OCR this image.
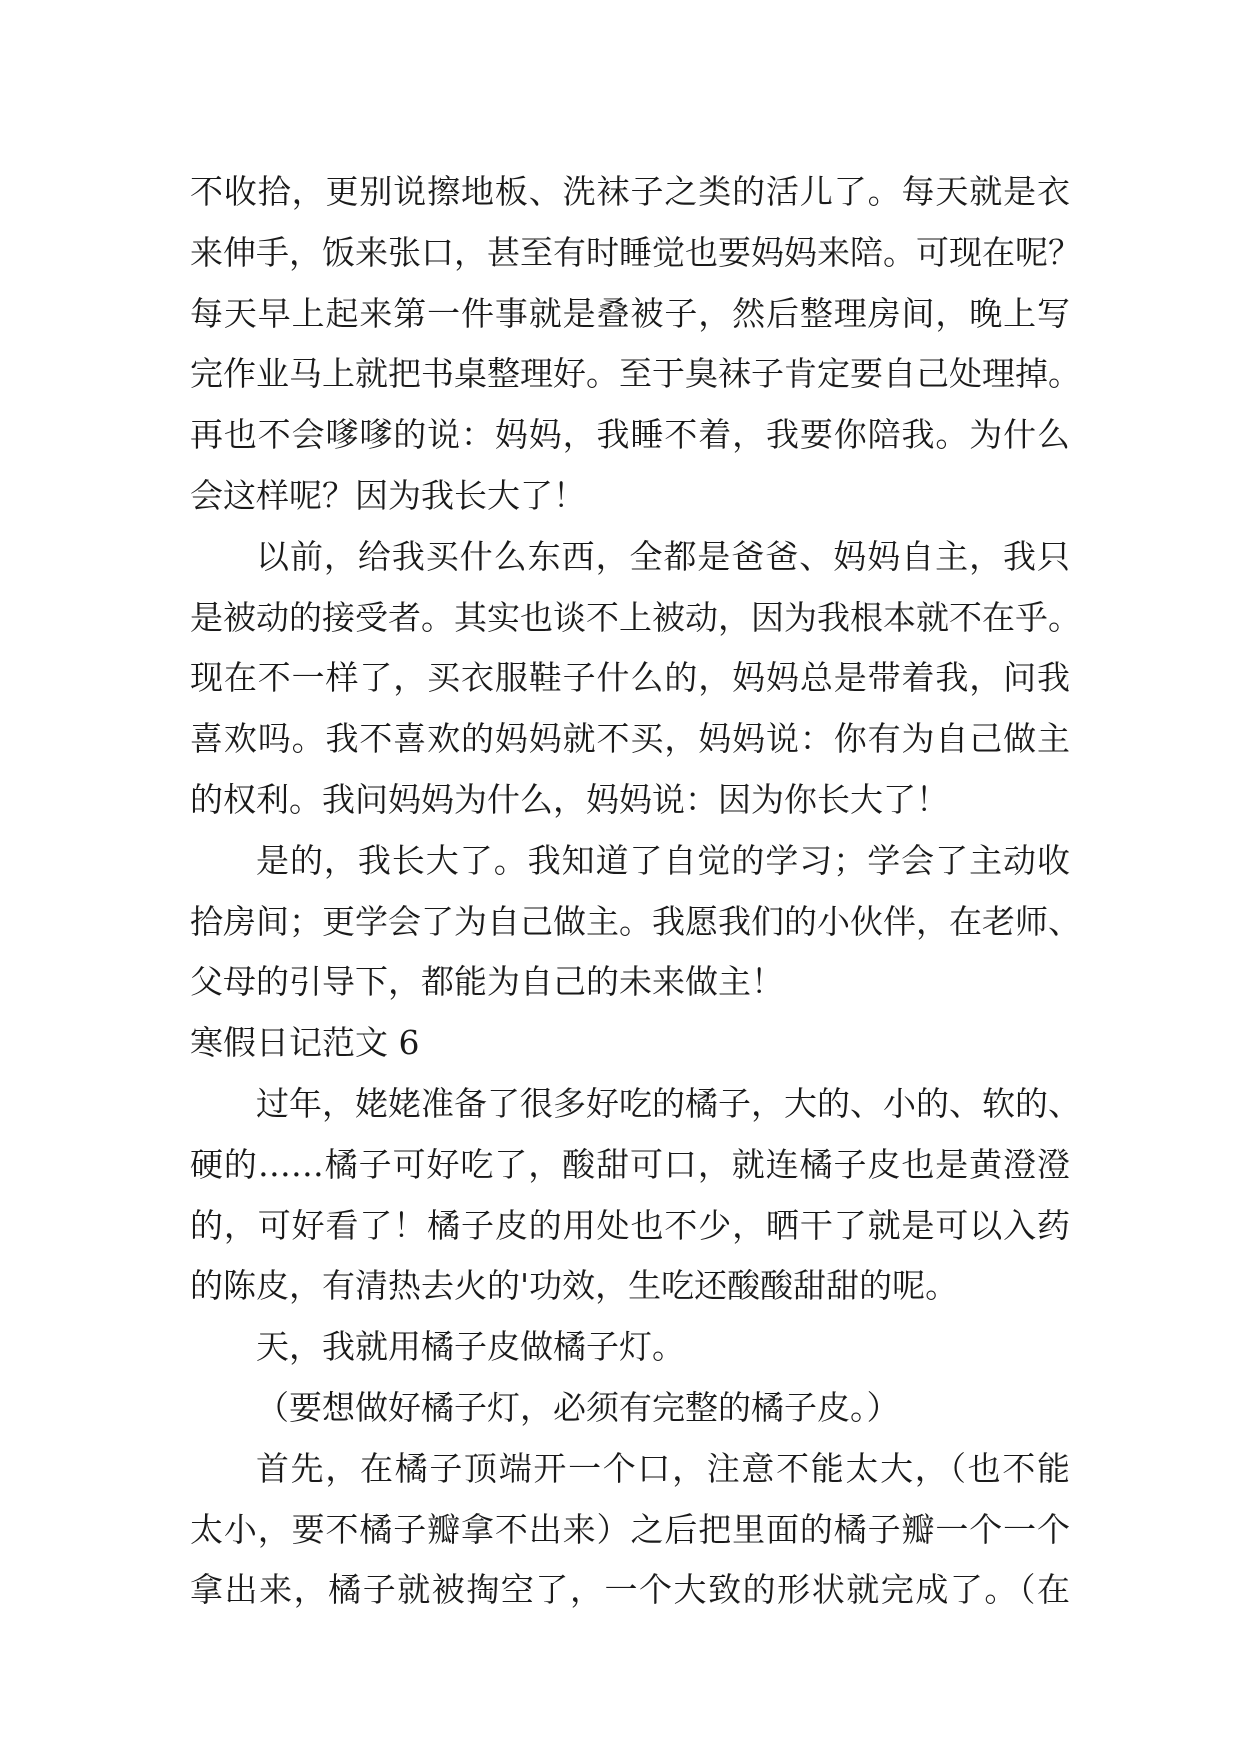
不收拾，更别说擦地板、洗袜子之类的活儿了。每天就是衣
来伸手，饭来张口，甚至有时睡觉也要妈妈来陪。可现在呢？
每天早上起来第一件事就是叠被子，然后整理房间，晚上写
完作业马上就把书桌整理好。至于臭袜子肯定要自己处理掉。
再也不会嗲嗲的说：妈妈，我睡不着，我要你陪我。为什么
会这样呢？因为我长大了！
以前，给我买什么东西，全都是爸爸、妈妈自主，我只
是被动的接受者。其实也谈不上被动，因为我根本就不在乎。
现在不一样了，买衣服鞋子什么的，妈妈总是带着我，问我
喜欢吗。我不喜欢的妈妈就不买，妈妈说：你有为自己做主
的权利。我问妈妈为什么，妈妈说：因为你长大了！
是的，我长大了。我知道了自觉的学习；学会了主动收
拾房间；更学会了为自己做主。我愿我们的小伙伴，在老师、
父母的引导下，都能为自己的未来做主！
寒假日记范文 6
过年，姥姥准备了很多好吃的橘子，大的、小的、软的、
硬的……橘子可好吃了，酸甜可口，就连橘子皮也是黄澄澄
的，可好看了！橘子皮的用处也不少，晒干了就是可以入药
的陈皮，有清热去火的'功效，生吃还酸酸甜甜的呢。
天，我就用橘子皮做橘子灯。
（要想做好橘子灯，必须有完整的橘子皮。）
首先，在橘子顶端开一个口，注意不能太大，（也不能
太小，要不橘子瓣拿不出来）之后把里面的橘子瓣一个一个
拿出来，橘子就被掏空了，一个大致的形状就完成了。（在
